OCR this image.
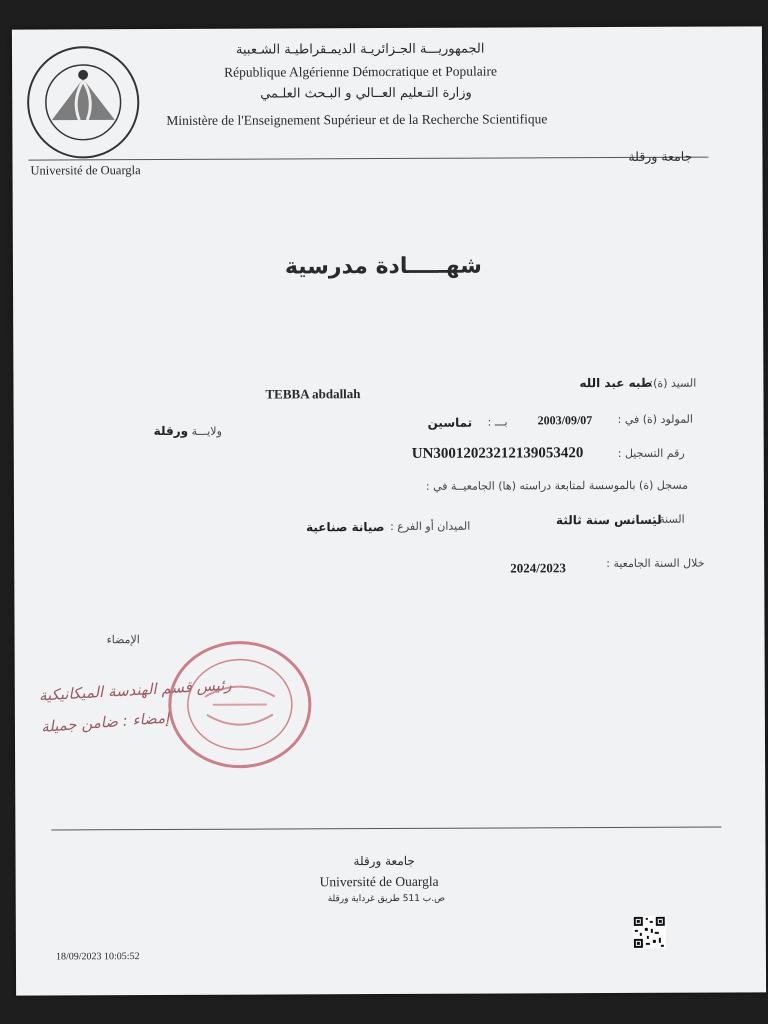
الجمهوريـــة الجـزائريـة الديمـقراطيـة الشـعبية
République Algérienne Démocratique et Populaire
وزارة التـعليم العــالي و البـحث العلـمي
Ministère de l'Enseignement Supérieur et de la Recherche Scientifique
Université de Ouargla
جامعة ورقلة
شهـــــادة مدرسية
السيد (ة):
طبه عبد الله
TEBBA abdallah
المولود (ة) في :
2003/09/07
بـــ :
تماسين
ولايـــة
ورقلة
رقم التسجيل :
UN30012023212139053420
مسجل (ة) بالموسسة لمتابعة دراسته (ها) الجامعيــة في :
السنة :
ليسانس سنة ثالثة
الميدان أو الفرع :
صيانة صناعية
خلال السنة الجامعية :
2024/2023
الإمضاء
رئيس قسم الهندسة الميكانيكية
إمضاء : ضامن جميلة
جامعة ورقلة
Université de Ouargla
ص.ب 511 طريق غرداية ورقلة
18/09/2023 10:05:52
